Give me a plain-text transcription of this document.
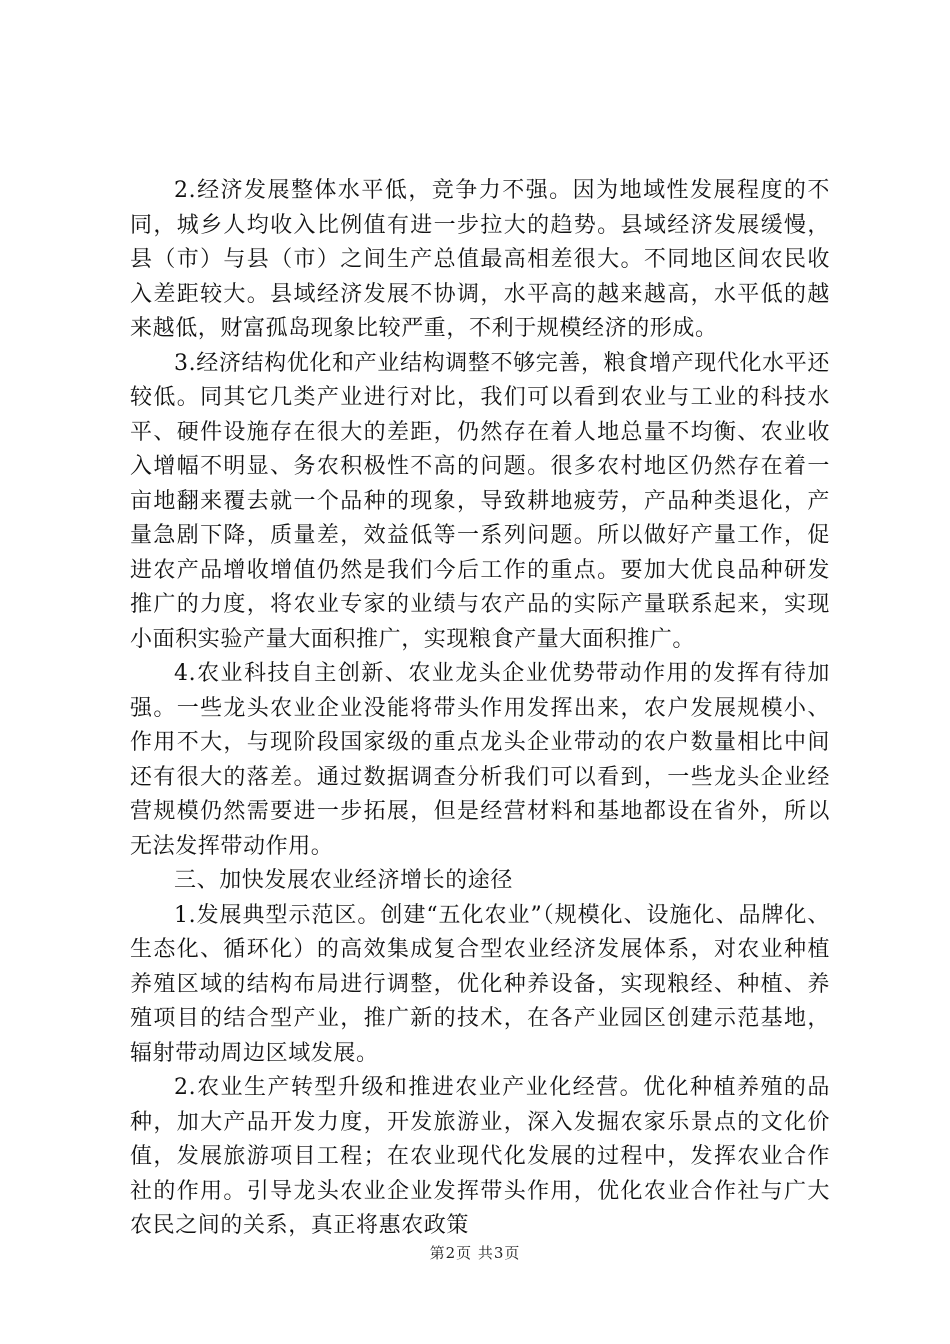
2.经济发展整体水平低，竞争力不强。因为地域性发展程度的不同，城乡人均收入比例值有进一步拉大的趋势。县域经济发展缓慢，县（市）与县（市）之间生产总值最高相差很大。不同地区间农民收入差距较大。县域经济发展不协调，水平高的越来越高，水平低的越来越低，财富孤岛现象比较严重，不利于规模经济的形成。

3.经济结构优化和产业结构调整不够完善，粮食增产现代化水平还较低。同其它几类产业进行对比，我们可以看到农业与工业的科技水平、硬件设施存在很大的差距，仍然存在着人地总量不均衡、农业收入增幅不明显、务农积极性不高的问题。很多农村地区仍然存在着一亩地翻来覆去就一个品种的现象，导致耕地疲劳，产品种类退化，产量急剧下降，质量差，效益低等一系列问题。所以做好产量工作，促进农产品增收增值仍然是我们今后工作的重点。要加大优良品种研发推广的力度，将农业专家的业绩与农产品的实际产量联系起来，实现小面积实验产量大面积推广，实现粮食产量大面积推广。

4.农业科技自主创新、农业龙头企业优势带动作用的发挥有待加强。一些龙头农业企业没能将带头作用发挥出来，农户发展规模小、作用不大，与现阶段国家级的重点龙头企业带动的农户数量相比中间还有很大的落差。通过数据调查分析我们可以看到，一些龙头企业经营规模仍然需要进一步拓展，但是经营材料和基地都设在省外，所以无法发挥带动作用。

三、加快发展农业经济增长的途径

1.发展典型示范区。创建“五化农业”（规模化、设施化、品牌化、生态化、循环化）的高效集成复合型农业经济发展体系，对农业种植养殖区域的结构布局进行调整，优化种养设备，实现粮经、种植、养殖项目的结合型产业，推广新的技术，在各产业园区创建示范基地，辐射带动周边区域发展。

2.农业生产转型升级和推进农业产业化经营。优化种植养殖的品种，加大产品开发力度，开发旅游业，深入发掘农家乐景点的文化价值，发展旅游项目工程；在农业现代化发展的过程中，发挥农业合作社的作用。引导龙头农业企业发挥带头作用，优化农业合作社与广大农民之间的关系，真正将惠农政策

第2页 共3页
